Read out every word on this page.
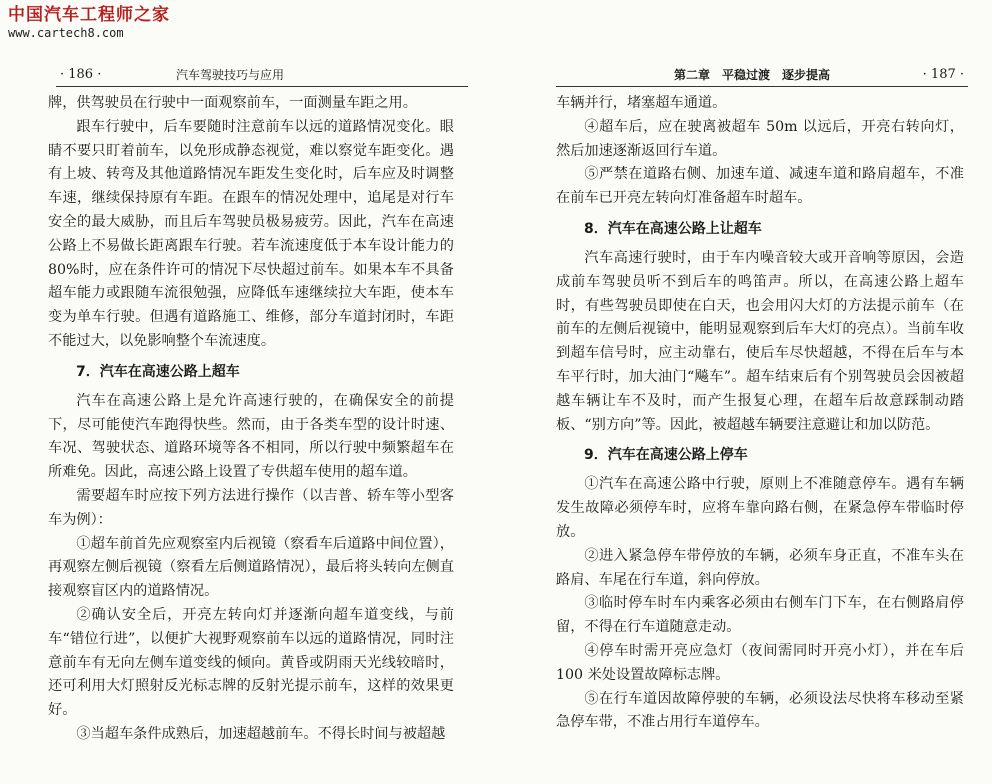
中国汽车工程师之家
www.cartech8.com
· 186 ·	汽车驾驶技巧与应用

牌，供驾驶员在行驶中一面观察前车，一面测量车距之用。

跟车行驶中，后车要随时注意前车以远的道路情况变化。眼睛不要只盯着前车，以免形成静态视觉，难以察觉车距变化。遇有上坡、转弯及其他道路情况车距发生变化时，后车应及时调整车速，继续保持原有车距。在跟车的情况处理中，追尾是对行车安全的最大威胁，而且后车驾驶员极易疲劳。因此，汽车在高速公路上不易做长距离跟车行驶。若车流速度低于本车设计能力的80%时，应在条件许可的情况下尽快超过前车。如果本车不具备超车能力或跟随车流很勉强，应降低车速继续拉大车距，使本车变为单车行驶。但遇有道路施工、维修，部分车道封闭时，车距不能过大，以免影响整个车流速度。

7．汽车在高速公路上超车

汽车在高速公路上是允许高速行驶的，在确保安全的前提下，尽可能使汽车跑得快些。然而，由于各类车型的设计时速、车况、驾驶状态、道路环境等各不相同，所以行驶中频繁超车在所难免。因此，高速公路上设置了专供超车使用的超车道。

需要超车时应按下列方法进行操作（以吉普、轿车等小型客车为例）：

①超车前首先应观察室内后视镜（察看车后道路中间位置），再观察左侧后视镜（察看左后侧道路情况），最后将头转向左侧直接观察盲区内的道路情况。

②确认安全后，开亮左转向灯并逐渐向超车道变线，与前车“错位行进”，以便扩大视野观察前车以远的道路情况，同时注意前车有无向左侧车道变线的倾向。黄昏或阴雨天光线较暗时，还可利用大灯照射反光标志牌的反射光提示前车，这样的效果更好。

③当超车条件成熟后，加速超越前车。不得长时间与被超越

第二章 平稳过渡 逐步提高	· 187 ·

车辆并行，堵塞超车通道。

④超车后，应在驶离被超车 50m 以远后，开亮右转向灯，然后加速逐渐返回行车道。

⑤严禁在道路右侧、加速车道、减速车道和路肩超车，不准在前车已开亮左转向灯准备超车时超车。

8．汽车在高速公路上让超车

汽车高速行驶时，由于车内噪音较大或开音响等原因，会造成前车驾驶员听不到后车的鸣笛声。所以，在高速公路上超车时，有些驾驶员即使在白天，也会用闪大灯的方法提示前车（在前车的左侧后视镜中，能明显观察到后车大灯的亮点）。当前车收到超车信号时，应主动靠右，使后车尽快超越，不得在后车与本车平行时，加大油门“飚车”。超车结束后有个别驾驶员会因被超越车辆让车不及时，而产生报复心理，在超车后故意踩制动踏板、“别方向”等。因此，被超越车辆要注意避让和加以防范。

9．汽车在高速公路上停车

①汽车在高速公路中行驶，原则上不准随意停车。遇有车辆发生故障必须停车时，应将车靠向路右侧，在紧急停车带临时停放。

②进入紧急停车带停放的车辆，必须车身正直，不准车头在路肩、车尾在行车道，斜向停放。

③临时停车时车内乘客必须由右侧车门下车，在右侧路肩停留，不得在行车道随意走动。

④停车时需开亮应急灯（夜间需同时开亮小灯），并在车后 100 米处设置故障标志牌。

⑤在行车道因故障停驶的车辆，必须设法尽快将车移动至紧急停车带，不准占用行车道停车。
